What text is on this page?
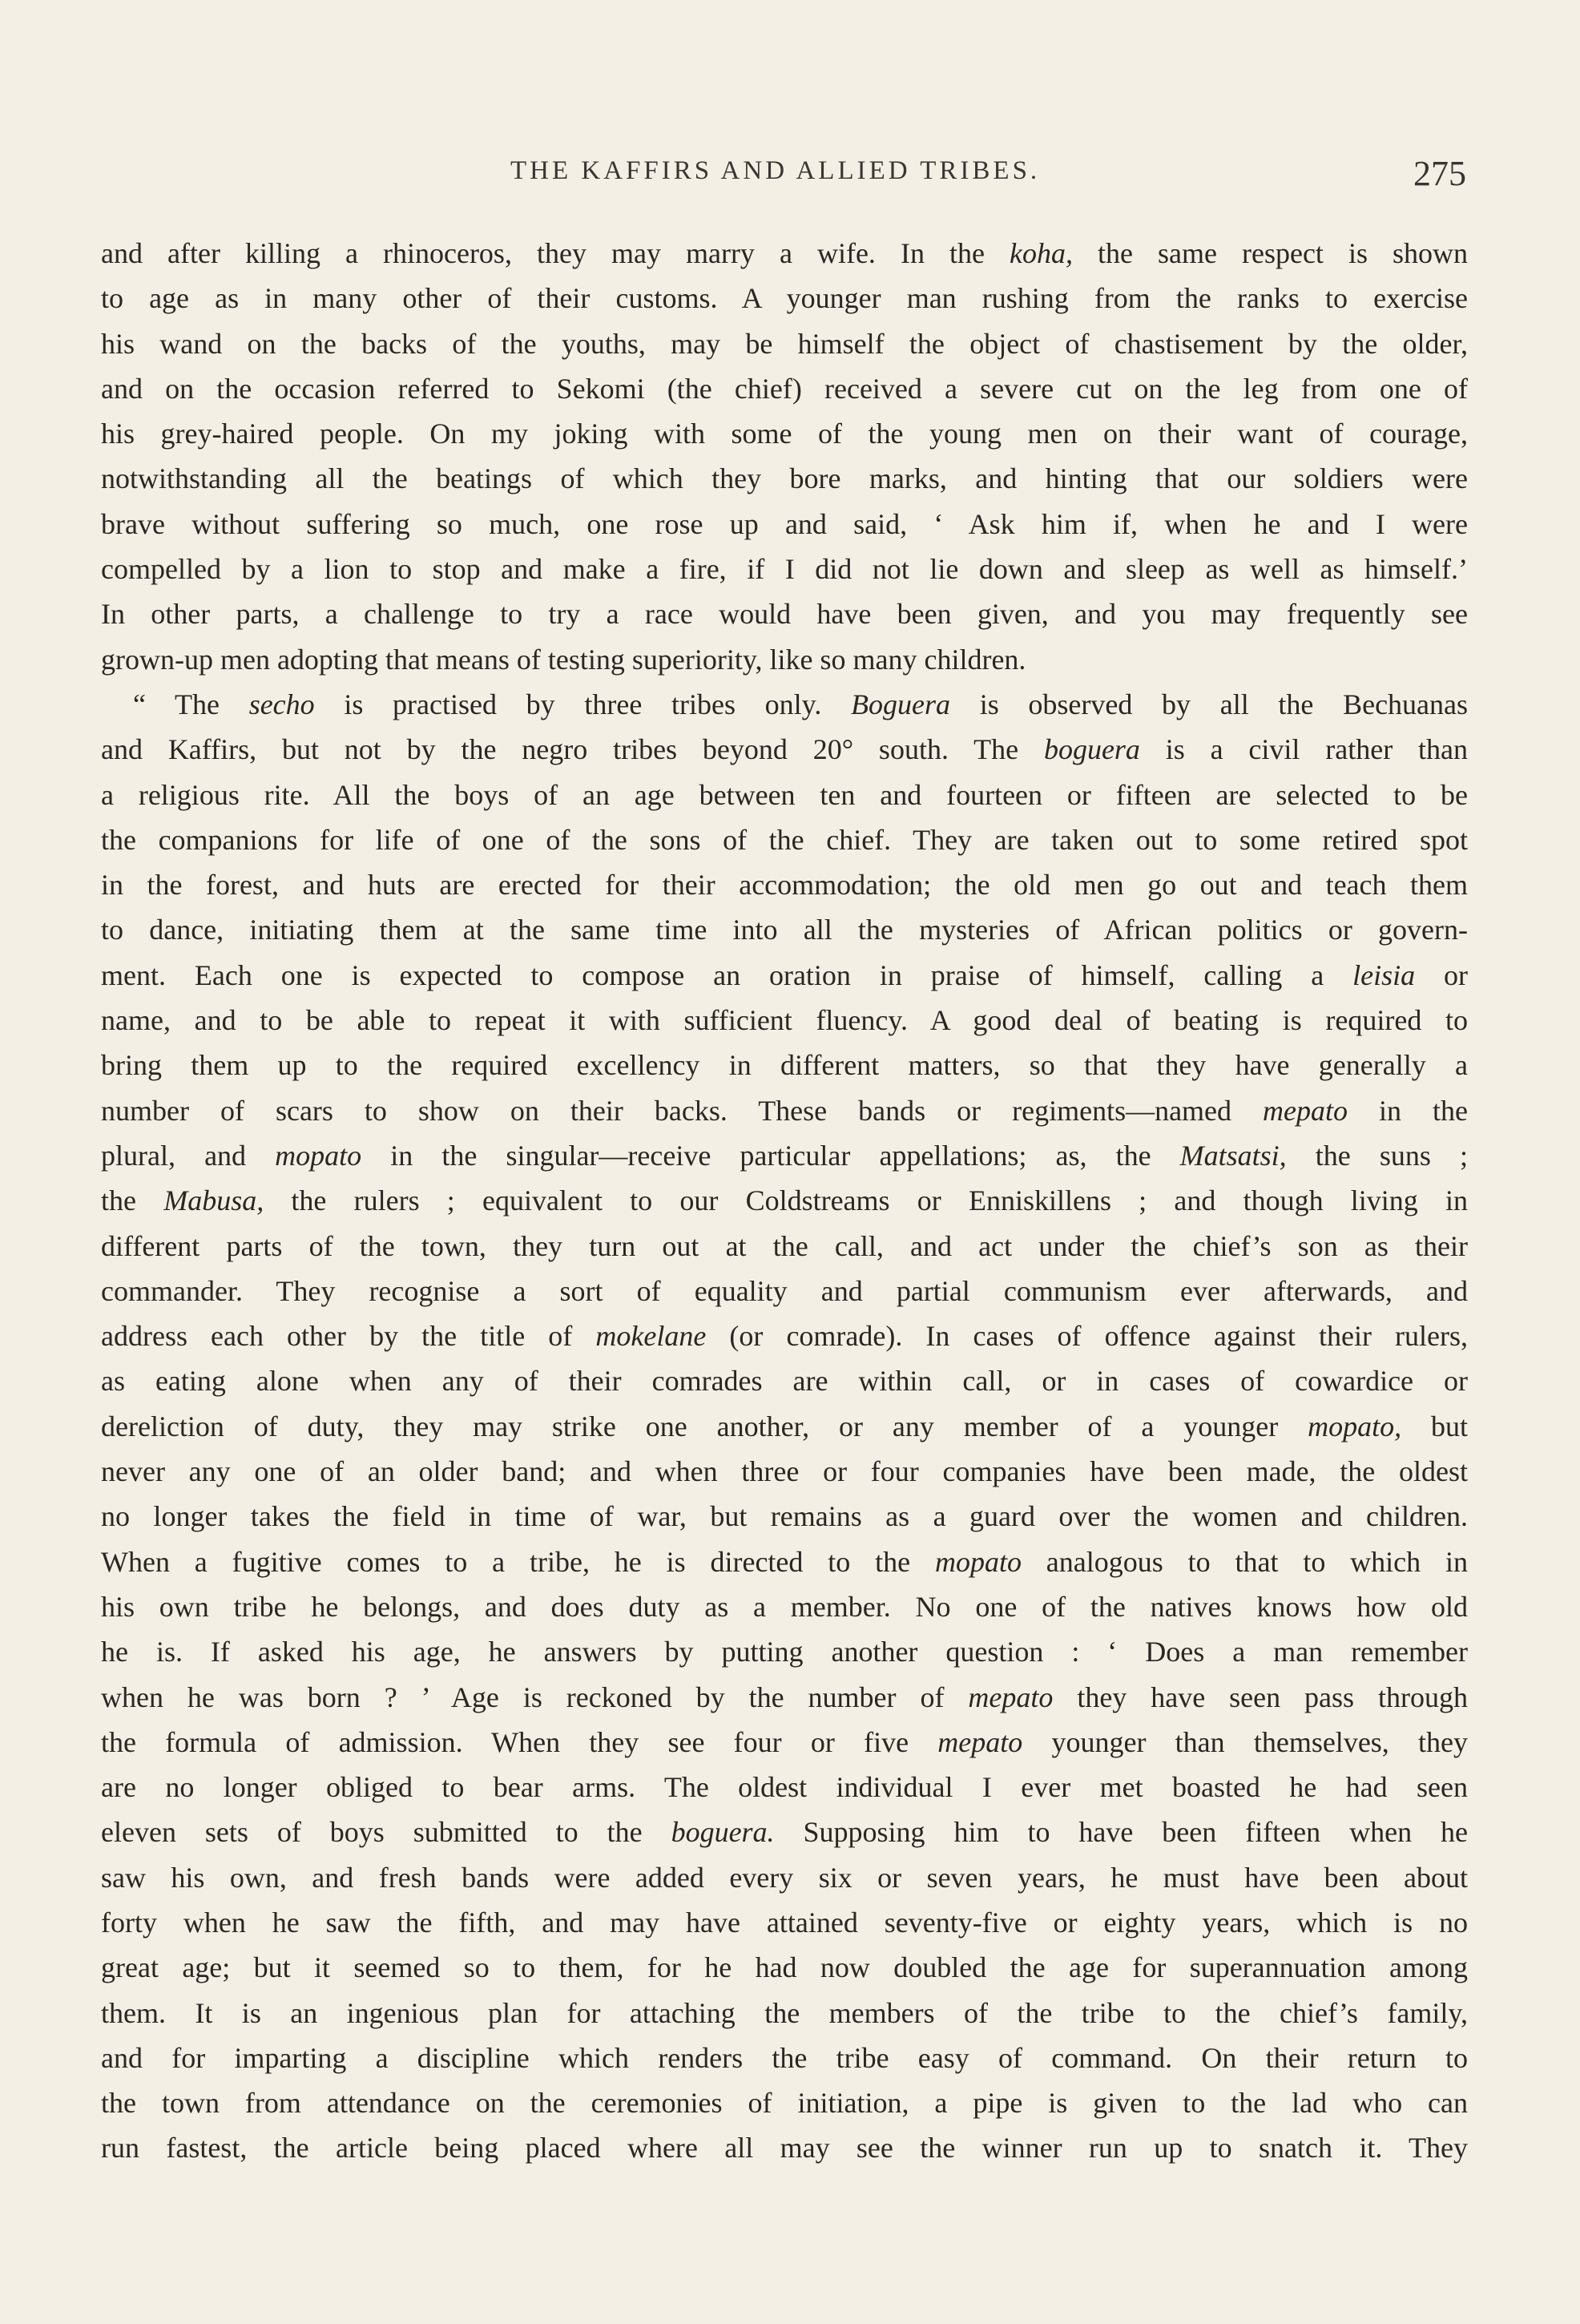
THE KAFFIRS AND ALLIED TRIBES.	275
and after killing a rhinoceros, they may marry a wife. In the koha, the same respect is shown
to age as in many other of their customs. A younger man rushing from the ranks to exercise
his wand on the backs of the youths, may be himself the object of chastisement by the older,
and on the occasion referred to Sekomi (the chief) received a severe cut on the leg from one of
his grey-haired people. On my joking with some of the young men on their want of courage,
notwithstanding all the beatings of which they bore marks, and hinting that our soldiers were
brave without suffering so much, one rose up and said, ‘ Ask him if, when he and I were
compelled by a lion to stop and make a fire, if I did not lie down and sleep as well as himself.’
In other parts, a challenge to try a race would have been given, and you may frequently see
grown-up men adopting that means of testing superiority, like so many children.
“ The secho is practised by three tribes only. Boguera is observed by all the Bechuanas
and Kaffirs, but not by the negro tribes beyond 20° south. The boguera is a civil rather than
a religious rite. All the boys of an age between ten and fourteen or fifteen are selected to be
the companions for life of one of the sons of the chief. They are taken out to some retired spot
in the forest, and huts are erected for their accommodation; the old men go out and teach them
to dance, initiating them at the same time into all the mysteries of African politics or govern-
ment. Each one is expected to compose an oration in praise of himself, calling a leisia or
name, and to be able to repeat it with sufficient fluency. A good deal of beating is required to
bring them up to the required excellency in different matters, so that they have generally a
number of scars to show on their backs. These bands or regiments—named mepato in the
plural, and mopato in the singular—receive particular appellations; as, the Matsatsi, the suns ;
the Mabusa, the rulers ; equivalent to our Coldstreams or Enniskillens ; and though living in
different parts of the town, they turn out at the call, and act under the chief’s son as their
commander. They recognise a sort of equality and partial communism ever afterwards, and
address each other by the title of mokelane (or comrade). In cases of offence against their rulers,
as eating alone when any of their comrades are within call, or in cases of cowardice or
dereliction of duty, they may strike one another, or any member of a younger mopato, but
never any one of an older band; and when three or four companies have been made, the oldest
no longer takes the field in time of war, but remains as a guard over the women and children.
When a fugitive comes to a tribe, he is directed to the mopato analogous to that to which in
his own tribe he belongs, and does duty as a member. No one of the natives knows how old
he is. If asked his age, he answers by putting another question : ‘ Does a man remember
when he was born ? ’ Age is reckoned by the number of mepato they have seen pass through
the formula of admission. When they see four or five mepato younger than themselves, they
are no longer obliged to bear arms. The oldest individual I ever met boasted he had seen
eleven sets of boys submitted to the boguera. Supposing him to have been fifteen when he
saw his own, and fresh bands were added every six or seven years, he must have been about
forty when he saw the fifth, and may have attained seventy-five or eighty years, which is no
great age; but it seemed so to them, for he had now doubled the age for superannuation among
them. It is an ingenious plan for attaching the members of the tribe to the chief’s family,
and for imparting a discipline which renders the tribe easy of command. On their return to
the town from attendance on the ceremonies of initiation, a pipe is given to the lad who can
run fastest, the article being placed where all may see the winner run up to snatch it. They
